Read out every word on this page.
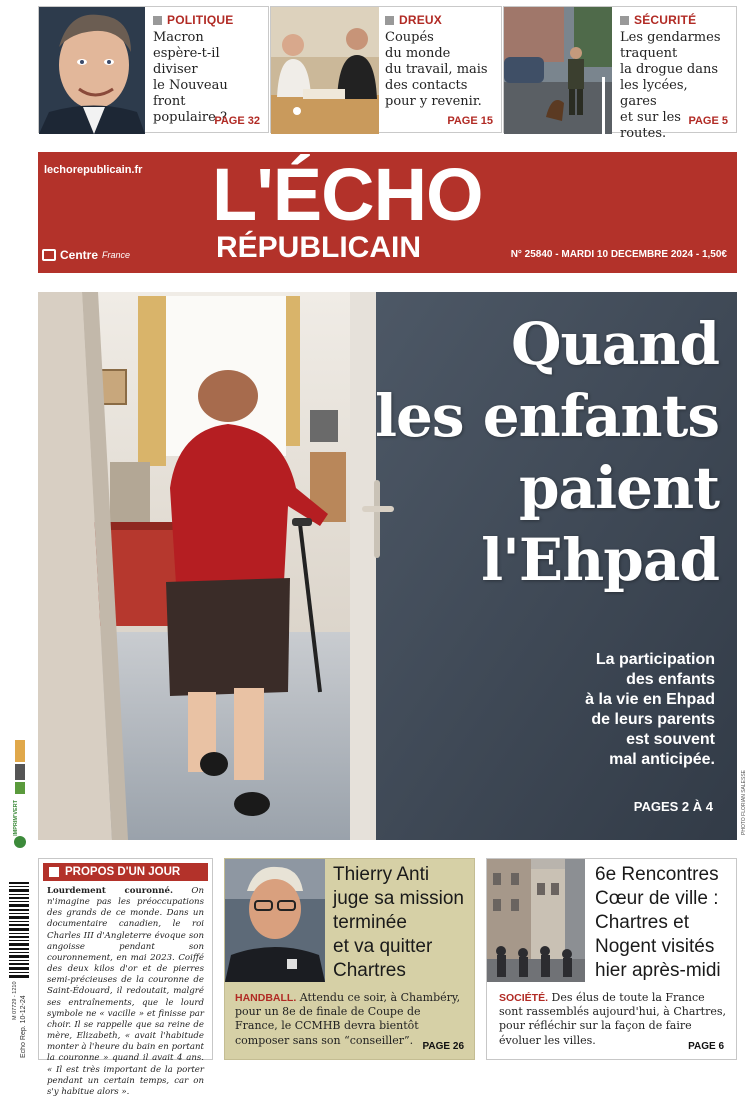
POLITIQUE
Macron
espère-t-il
diviser
le Nouveau front
populaire ?
PAGE 32
DREUX
Coupés
du monde
du travail, mais
des contacts
pour y revenir.
PAGE 15
SÉCURITÉ
Les gendarmes
traquent
la drogue dans
les lycées, gares
et sur les routes.
PAGE 5
lechorepublicain.fr L'ÉCHO
RÉPUBLICAIN
Centre France	N° 25840 - MARDI 10 DECEMBRE 2024 - 1,50€
Quand
les enfants
paient
l'Ehpad
La participation
des enfants
à la vie en Ehpad
de leurs parents
est souvent
mal anticipée.
PAGES 2 À 4	PHOTO FLORIAN SALESSE
IMPRIM'VERT
M 07729 - 1210 Echo Rep. 10-12-24
PROPOS D'UN JOUR
Lourdement couronné. On n'imagine pas les préoccupations des grands de ce monde. Dans un documentaire canadien, le roi Charles III d'Angleterre évoque son angoisse pendant son couronnement, en mai 2023. Coiffé des deux kilos d'or et de pierres semi-précieuses de la couronne de Saint-Édouard, il redoutait, malgré ses entraînements, que le lourd symbole ne « vacille » et finisse par choir. Il se rappelle que sa reine de mère, Elizabeth, « avait l'habitude monter à l'heure du bain en portant la couronne » quand il avait 4 ans. « Il est très important de la porter pendant un certain temps, car on s'y habitue alors ».
Thierry Anti
juge sa mission
terminée
et va quitter
Chartres
HANDBALL. Attendu ce soir, à Chambéry, pour un 8e de finale de Coupe de France, le CCMHB devra bientôt composer sans son “conseiller”. PAGE 26
6e Rencontres
Cœur de ville :
Chartres et
Nogent visités
hier après-midi
SOCIÉTÉ. Des élus de toute la France sont rassemblés aujourd'hui, à Chartres, pour réfléchir sur la façon de faire évoluer les villes.	PAGE 6
